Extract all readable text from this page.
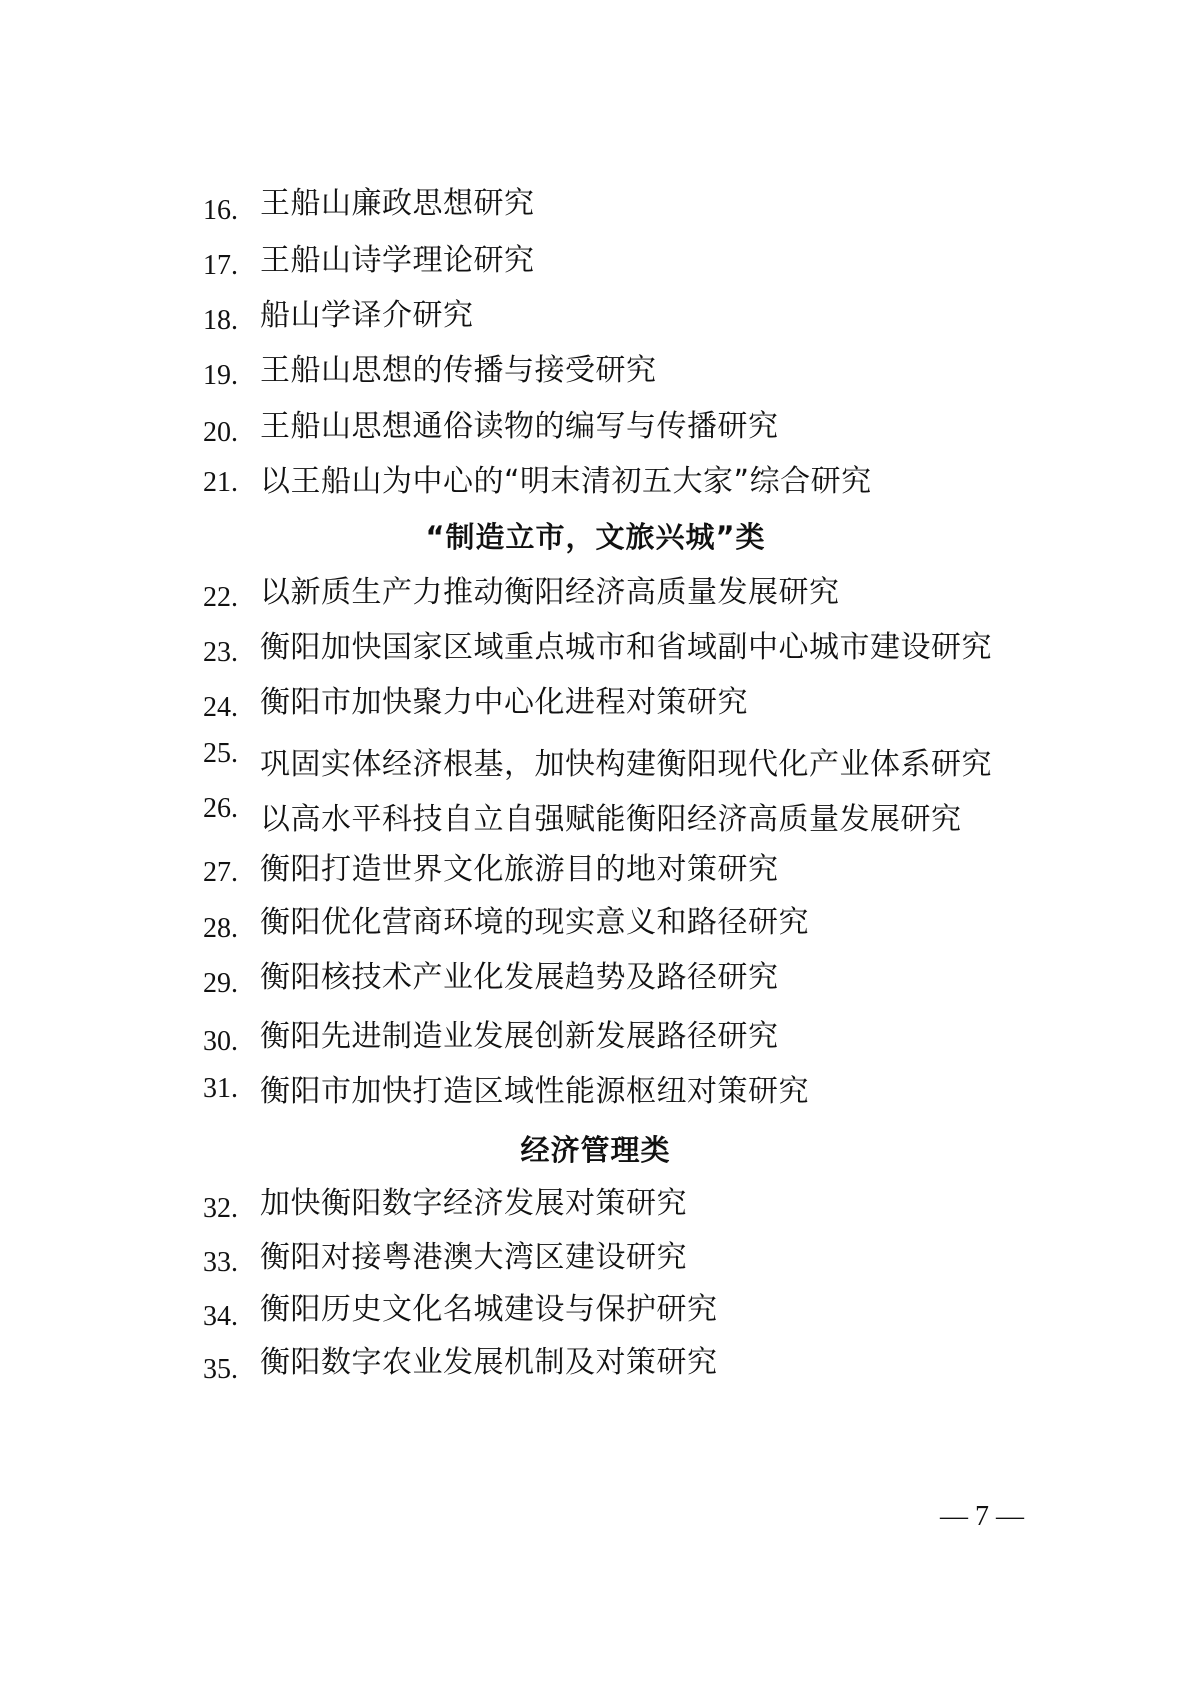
16. 王船山廉政思想研究
17. 王船山诗学理论研究
18. 船山学译介研究
19. 王船山思想的传播与接受研究
20. 王船山思想通俗读物的编写与传播研究
21. 以王船山为中心的“明末清初五大家”综合研究
“制造立市，文旅兴城”类
22. 以新质生产力推动衡阳经济高质量发展研究
23. 衡阳加快国家区域重点城市和省域副中心城市建设研究
24. 衡阳市加快聚力中心化进程对策研究
25. 巩固实体经济根基，加快构建衡阳现代化产业体系研究
26. 以高水平科技自立自强赋能衡阳经济高质量发展研究
27. 衡阳打造世界文化旅游目的地对策研究
28. 衡阳优化营商环境的现实意义和路径研究
29. 衡阳核技术产业化发展趋势及路径研究
30. 衡阳先进制造业发展创新发展路径研究
31. 衡阳市加快打造区域性能源枢纽对策研究
经济管理类
32. 加快衡阳数字经济发展对策研究
33. 衡阳对接粤港澳大湾区建设研究
34. 衡阳历史文化名城建设与保护研究
35. 衡阳数字农业发展机制及对策研究
— 7 —
